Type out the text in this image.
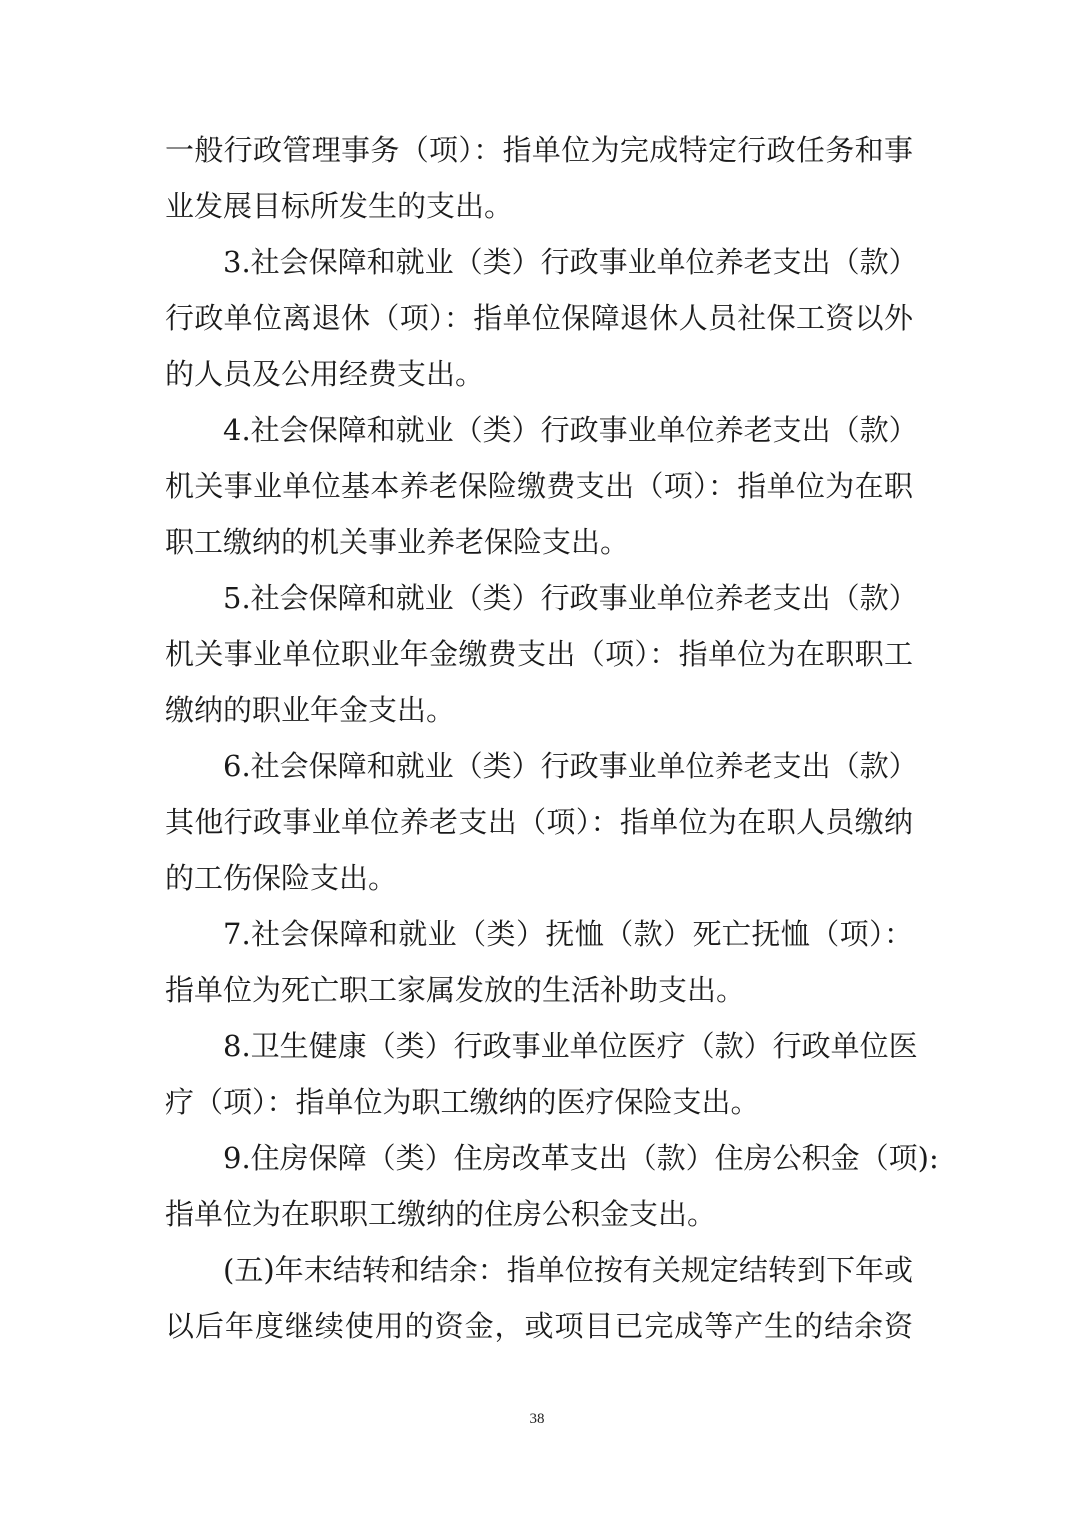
一般行政管理事务（项）：指单位为完成特定行政任务和事
业发展目标所发生的支出。
3.社会保障和就业（类）行政事业单位养老支出（款）
行政单位离退休（项）：指单位保障退休人员社保工资以外
的人员及公用经费支出。
4.社会保障和就业（类）行政事业单位养老支出（款）
机关事业单位基本养老保险缴费支出（项）：指单位为在职
职工缴纳的机关事业养老保险支出。
5.社会保障和就业（类）行政事业单位养老支出（款）
机关事业单位职业年金缴费支出（项）：指单位为在职职工
缴纳的职业年金支出。
6.社会保障和就业（类）行政事业单位养老支出（款）
其他行政事业单位养老支出（项）：指单位为在职人员缴纳
的工伤保险支出。
7.社会保障和就业（类）抚恤（款）死亡抚恤（项）：
指单位为死亡职工家属发放的生活补助支出。
8.卫生健康（类）行政事业单位医疗（款）行政单位医
疗（项）：指单位为职工缴纳的医疗保险支出。
9.住房保障（类）住房改革支出（款）住房公积金（项):
指单位为在职职工缴纳的住房公积金支出。
(五)年末结转和结余：指单位按有关规定结转到下年或
以后年度继续使用的资金，或项目已完成等产生的结余资
38
